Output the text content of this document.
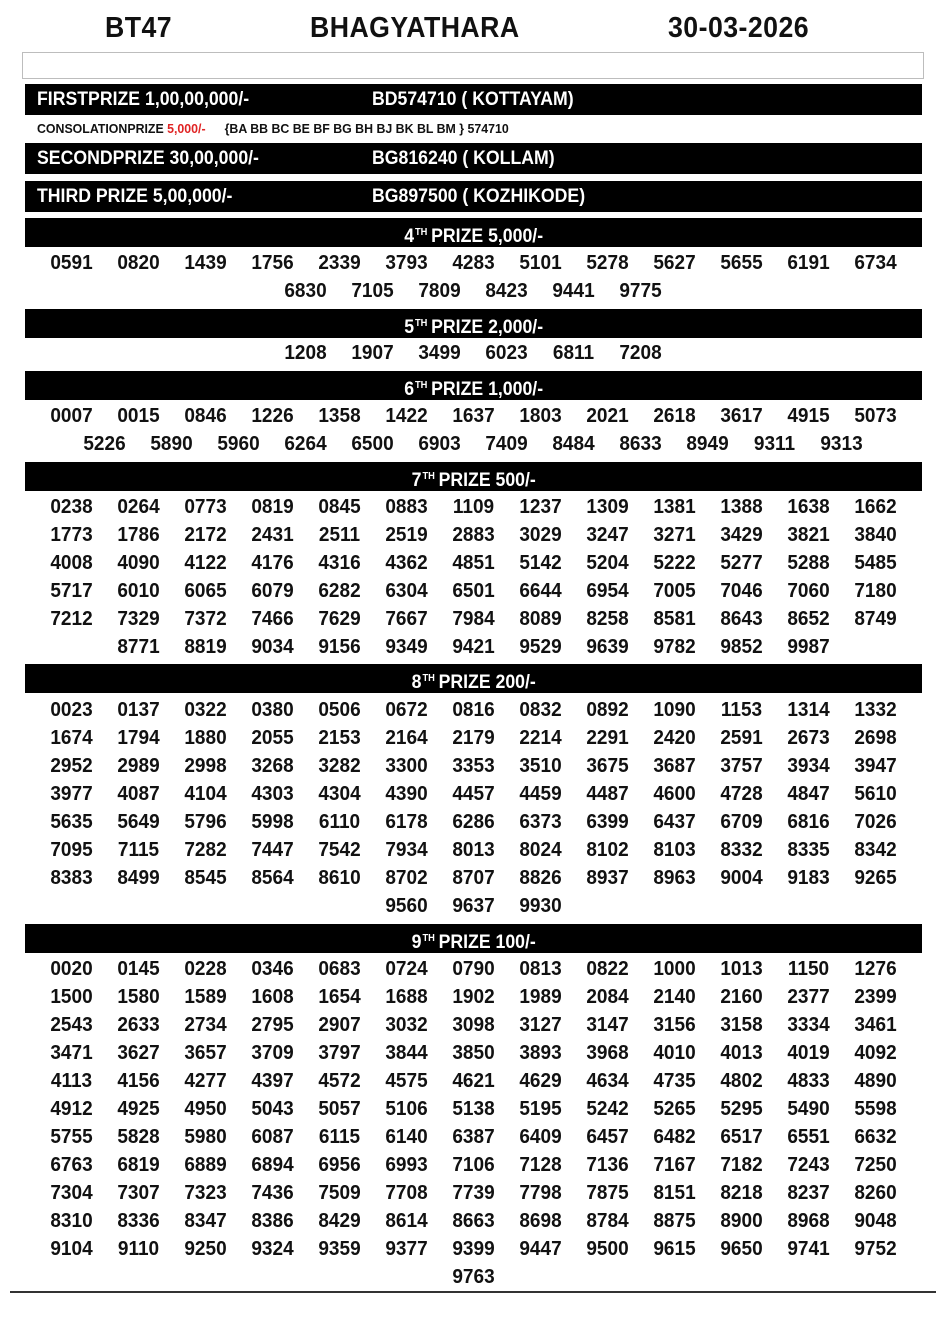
BT47	BHAGYATHARA	30-03-2026
FIRSTPRIZE 1,00,00,000/-	BD574710 ( KOTTAYAM)
CONSOLATIONPRIZE 5,000/- {BA BB BC BE BF BG BH BJ BK BL BM } 574710
SECONDPRIZE 30,00,000/-	BG816240 ( KOLLAM)
THIRD PRIZE 5,00,000/-	BG897500 ( KOZHIKODE)
4TH PRIZE 5,000/-
0591	0820	1439	1756	2339	3793	4283	5101	5278	5627	5655	6191	6734
6830	7105	7809	8423	9441	9775
5TH PRIZE 2,000/-
1208	1907	3499	6023	6811	7208
6TH PRIZE 1,000/-
0007	0015	0846	1226	1358	1422	1637	1803	2021	2618	3617	4915	5073
5226	5890	5960	6264	6500	6903	7409	8484	8633	8949	9311	9313
7TH PRIZE 500/-
0238	0264	0773	0819	0845	0883	1109	1237	1309	1381	1388	1638	1662
1773	1786	2172	2431	2511	2519	2883	3029	3247	3271	3429	3821	3840
4008	4090	4122	4176	4316	4362	4851	5142	5204	5222	5277	5288	5485
5717	6010	6065	6079	6282	6304	6501	6644	6954	7005	7046	7060	7180
7212	7329	7372	7466	7629	7667	7984	8089	8258	8581	8643	8652	8749
8771	8819	9034	9156	9349	9421	9529	9639	9782	9852	9987
8TH PRIZE 200/-
0023	0137	0322	0380	0506	0672	0816	0832	0892	1090	1153	1314	1332
1674	1794	1880	2055	2153	2164	2179	2214	2291	2420	2591	2673	2698
2952	2989	2998	3268	3282	3300	3353	3510	3675	3687	3757	3934	3947
3977	4087	4104	4303	4304	4390	4457	4459	4487	4600	4728	4847	5610
5635	5649	5796	5998	6110	6178	6286	6373	6399	6437	6709	6816	7026
7095	7115	7282	7447	7542	7934	8013	8024	8102	8103	8332	8335	8342
8383	8499	8545	8564	8610	8702	8707	8826	8937	8963	9004	9183	9265
9560	9637	9930
9TH PRIZE 100/-
0020	0145	0228	0346	0683	0724	0790	0813	0822	1000	1013	1150	1276
1500	1580	1589	1608	1654	1688	1902	1989	2084	2140	2160	2377	2399
2543	2633	2734	2795	2907	3032	3098	3127	3147	3156	3158	3334	3461
3471	3627	3657	3709	3797	3844	3850	3893	3968	4010	4013	4019	4092
4113	4156	4277	4397	4572	4575	4621	4629	4634	4735	4802	4833	4890
4912	4925	4950	5043	5057	5106	5138	5195	5242	5265	5295	5490	5598
5755	5828	5980	6087	6115	6140	6387	6409	6457	6482	6517	6551	6632
6763	6819	6889	6894	6956	6993	7106	7128	7136	7167	7182	7243	7250
7304	7307	7323	7436	7509	7708	7739	7798	7875	8151	8218	8237	8260
8310	8336	8347	8386	8429	8614	8663	8698	8784	8875	8900	8968	9048
9104	9110	9250	9324	9359	9377	9399	9447	9500	9615	9650	9741	9752
9763
